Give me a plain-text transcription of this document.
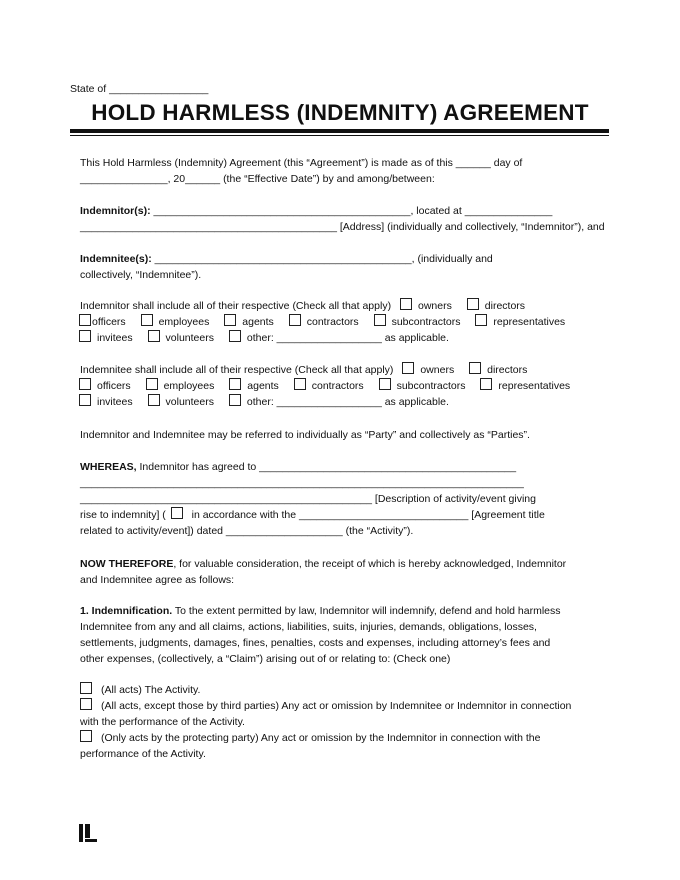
State of _________________
HOLD HARMLESS (INDEMNITY) AGREEMENT
This Hold Harmless (Indemnity) Agreement (this “Agreement”) is made as of this ______ day of
_______________, 20______ (the “Effective Date”) by and among/between:
Indemnitor(s): ____________________________________________, located at _______________
____________________________________________ [Address] (individually and collectively, “Indemnitor”), and
Indemnitee(s): ____________________________________________, (individually and
collectively, “Indemnitee”).
Indemnitor shall include all of their respective (Check all that apply)	owners	directors
officers	employees	agents	contractors	subcontractors	representatives
invitees	volunteers	other: __________________ as applicable.
Indemnitee shall include all of their respective (Check all that apply)	owners	directors
officers	employees	agents	contractors	subcontractors	representatives
invitees	volunteers	other: __________________ as applicable.
Indemnitor and Indemnitee may be referred to individually as “Party” and collectively as “Parties”.
WHEREAS, Indemnitor has agreed to ____________________________________________
____________________________________________________________________________
__________________________________________________ [Description of activity/event giving
rise to indemnity] (  in accordance with the _____________________________ [Agreement title
related to activity/event]) dated ____________________ (the “Activity”).
NOW THEREFORE, for valuable consideration, the receipt of which is hereby acknowledged, Indemnitor
and Indemnitee agree as follows:
1. Indemnification. To the extent permitted by law, Indemnitor will indemnify, defend and hold harmless
Indemnitee from any and all claims, actions, liabilities, suits, injuries, demands, obligations, losses,
settlements, judgments, damages, fines, penalties, costs and expenses, including attorney’s fees and
other expenses, (collectively, a “Claim”) arising out of or relating to: (Check one)
(All acts) The Activity.
(All acts, except those by third parties) Any act or omission by Indemnitee or Indemnitor in connection
with the performance of the Activity.
(Only acts by the protecting party) Any act or omission by the Indemnitor in connection with the
performance of the Activity.
